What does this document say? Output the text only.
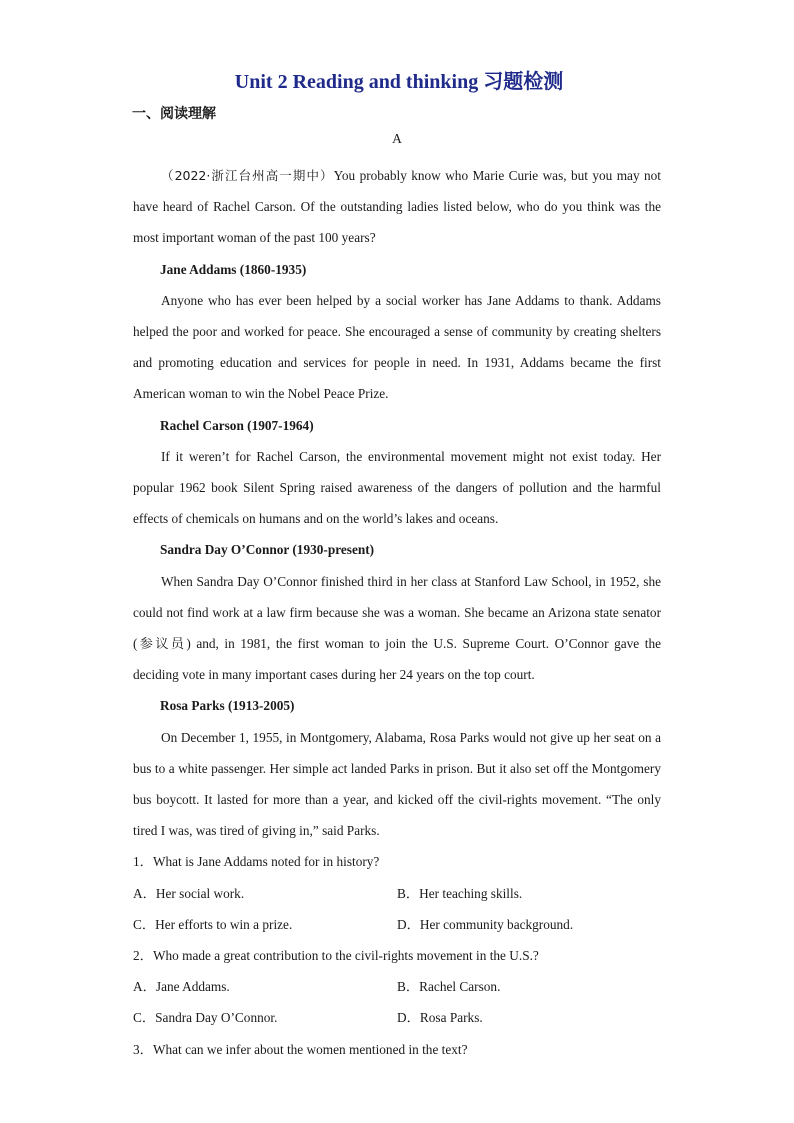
Unit 2 Reading and thinking 习题检测
一、阅读理解

A

（2022·浙江台州高一期中）You probably know who Marie Curie was, but you may not have heard of Rachel Carson. Of the outstanding ladies listed below, who do you think was the most important woman of the past 100 years?

Jane Addams (1860-1935)

Anyone who has ever been helped by a social worker has Jane Addams to thank. Addams helped the poor and worked for peace. She encouraged a sense of community by creating shelters and promoting education and services for people in need. In 1931, Addams became the first American woman to win the Nobel Peace Prize.

Rachel Carson (1907-1964)

If it weren’t for Rachel Carson, the environmental movement might not exist today. Her popular 1962 book Silent Spring raised awareness of the dangers of pollution and the harmful effects of chemicals on humans and on the world’s lakes and oceans.

Sandra Day O’Connor (1930-present)

When Sandra Day O’Connor finished third in her class at Stanford Law School, in 1952, she could not find work at a law firm because she was a woman. She became an Arizona state senator (参议员) and, in 1981, the first woman to join the U.S. Supreme Court. O’Connor gave the deciding vote in many important cases during her 24 years on the top court.

Rosa Parks (1913-2005)

On December 1, 1955, in Montgomery, Alabama, Rosa Parks would not give up her seat on a bus to a white passenger. Her simple act landed Parks in prison. But it also set off the Montgomery bus boycott. It lasted for more than a year, and kicked off the civil-rights movement. “The only tired I was, was tired of giving in,” said Parks.

1．What is Jane Addams noted for in history?

A．Her social work.	B．Her teaching skills.
C．Her efforts to win a prize.	D．Her community background.

2．Who made a great contribution to the civil-rights movement in the U.S.?

A．Jane Addams.	B．Rachel Carson.
C．Sandra Day O’Connor.	D．Rosa Parks.

3．What can we infer about the women mentioned in the text?
